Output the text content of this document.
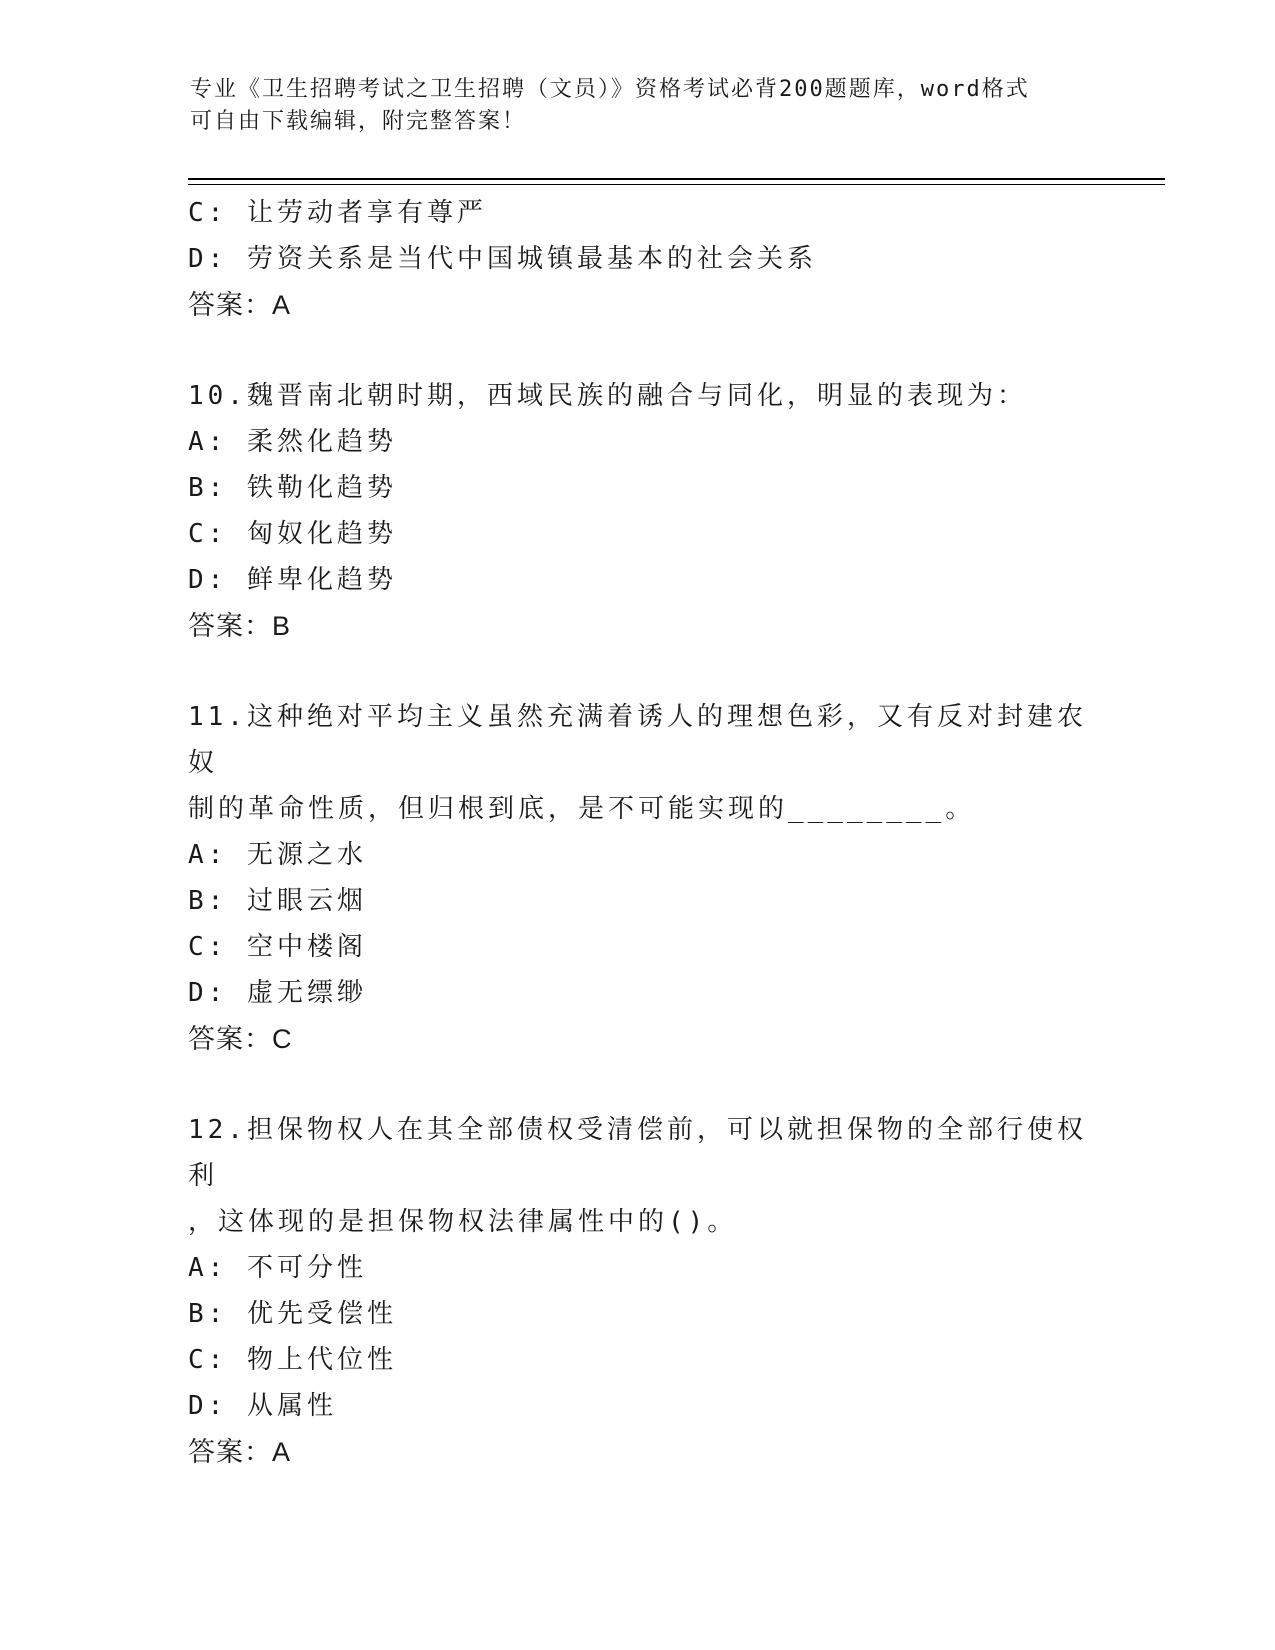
专业《卫生招聘考试之卫生招聘（文员）》资格考试必背200题题库，word格式
可自由下载编辑，附完整答案！
C: 让劳动者享有尊严
D: 劳资关系是当代中国城镇最基本的社会关系
答案：A
10.魏晋南北朝时期，西域民族的融合与同化，明显的表现为：
A: 柔然化趋势
B: 铁勒化趋势
C: 匈奴化趋势
D: 鲜卑化趋势
答案：B
11.这种绝对平均主义虽然充满着诱人的理想色彩，又有反对封建农奴
制的革命性质，但归根到底，是不可能实现的________。
A: 无源之水
B: 过眼云烟
C: 空中楼阁
D: 虚无缥缈
答案：C
12.担保物权人在其全部债权受清偿前，可以就担保物的全部行使权利
，这体现的是担保物权法律属性中的()。
A: 不可分性
B: 优先受偿性
C: 物上代位性
D: 从属性
答案：A
